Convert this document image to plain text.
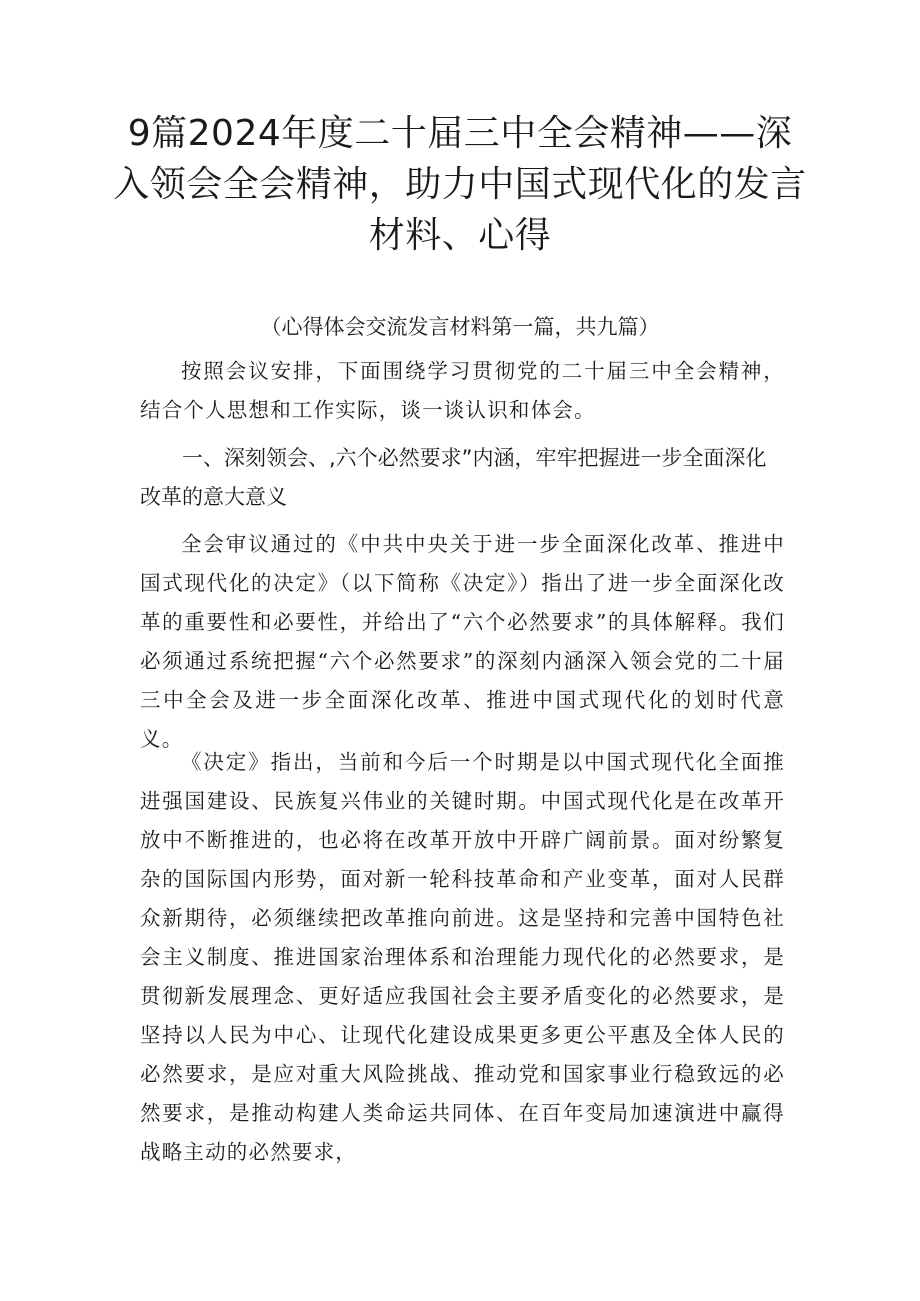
9篇2024年度二十届三中全会精神——深入领会全会精神，助力中国式现代化的发言材料、心得
（心得体会交流发言材料第一篇，共九篇）

按照会议安排，下面围绕学习贯彻党的二十届三中全会精神，结合个人思想和工作实际，谈一谈认识和体会。

一、深刻领会、,六个必然要求”内涵，牢牢把握进一步全面深化改革的意大意义

全会审议通过的《中共中央关于进一步全面深化改革、推进中国式现代化的决定》（以下简称《决定》）指出了进一步全面深化改革的重要性和必要性，并给出了“六个必然要求”的具体解释。我们必须通过系统把握“六个必然要求”的深刻内涵深入领会党的二十届三中全会及进一步全面深化改革、推进中国式现代化的划时代意义。

《决定》指出，当前和今后一个时期是以中国式现代化全面推进强国建设、民族复兴伟业的关键时期。中国式现代化是在改革开放中不断推进的，也必将在改革开放中开辟广阔前景。面对纷繁复杂的国际国内形势，面对新一轮科技革命和产业变革，面对人民群众新期待，必须继续把改革推向前进。这是坚持和完善中国特色社会主义制度、推进国家治理体系和治理能力现代化的必然要求，是贯彻新发展理念、更好适应我国社会主要矛盾变化的必然要求，是坚持以人民为中心、让现代化建设成果更多更公平惠及全体人民的必然要求，是应对重大风险挑战、推动党和国家事业行稳致远的必然要求，是推动构建人类命运共同体、在百年变局加速演进中赢得战略主动的必然要求，
